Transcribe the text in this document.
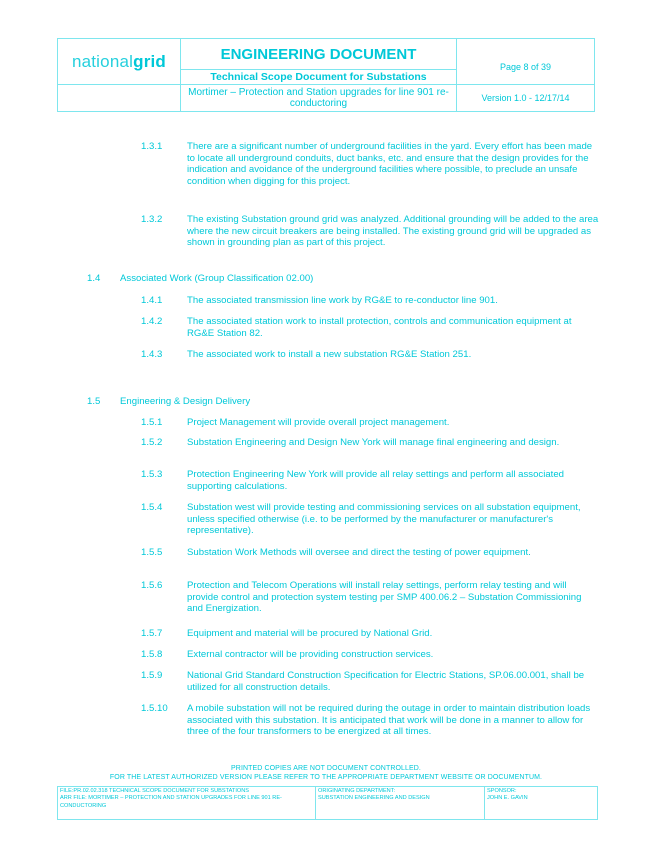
nationalgrid	ENGINEERING DOCUMENT	Page 8 of 39
	Technical Scope Document for Substations	
	Mortimer – Protection and Station upgrades for line 901 re-conductoring	Version 1.0 - 12/17/14
1.3.1	There are a significant number of underground facilities in the yard. Every effort has been made to locate all underground conduits, duct banks, etc. and ensure that the design provides for the indication and avoidance of the underground facilities where possible, to preclude an unsafe condition when digging for this project.
1.3.2	The existing Substation ground grid was analyzed. Additional grounding will be added to the area where the new circuit breakers are being installed. The existing ground grid will be upgraded as shown in grounding plan as part of this project.
1.4 Associated Work (Group Classification 02.00)
1.4.1	The associated transmission line work by RG&E to re-conductor line 901.
1.4.2	The associated station work to install protection, controls and communication equipment at RG&E Station 82.
1.4.3	The associated work to install a new substation RG&E Station 251.
1.5 Engineering & Design Delivery
1.5.1	Project Management will provide overall project management.
1.5.2	Substation Engineering and Design New York will manage final engineering and design.
1.5.3	Protection Engineering New York will provide all relay settings and perform all associated supporting calculations.
1.5.4	Substation west will provide testing and commissioning services on all substation equipment, unless specified otherwise (i.e. to be performed by the manufacturer or manufacturer's representative).
1.5.5	Substation Work Methods will oversee and direct the testing of power equipment.
1.5.6	Protection and Telecom Operations will install relay settings, perform relay testing and will provide control and protection system testing per SMP 400.06.2 – Substation Commissioning and Energization.
1.5.7	Equipment and material will be procured by National Grid.
1.5.8	External contractor will be providing construction services.
1.5.9	National Grid Standard Construction Specification for Electric Stations, SP.06.00.001, shall be utilized for all construction details.
1.5.10 A mobile substation will not be required during the outage in order to maintain distribution loads associated with this substation. It is anticipated that work will be done in a manner to allow for three of the four transformers to be energized at all times.
PRINTED COPIES ARE NOT DOCUMENT CONTROLLED.
FOR THE LATEST AUTHORIZED VERSION PLEASE REFER TO THE APPROPRIATE DEPARTMENT WEBSITE OR DOCUMENTUM.
FILE:PR.02.02.318 TECHNICAL SCOPE DOCUMENT FOR SUBSTATIONS
ARR FILE: MORTIMER – PROTECTION AND STATION UPGRADES FOR LINE 901 RE-CONDUCTORING

ORIGINATING DEPARTMENT:
SUBSTATION ENGINEERING AND DESIGN

SPONSOR:
JOHN E. GAVIN
